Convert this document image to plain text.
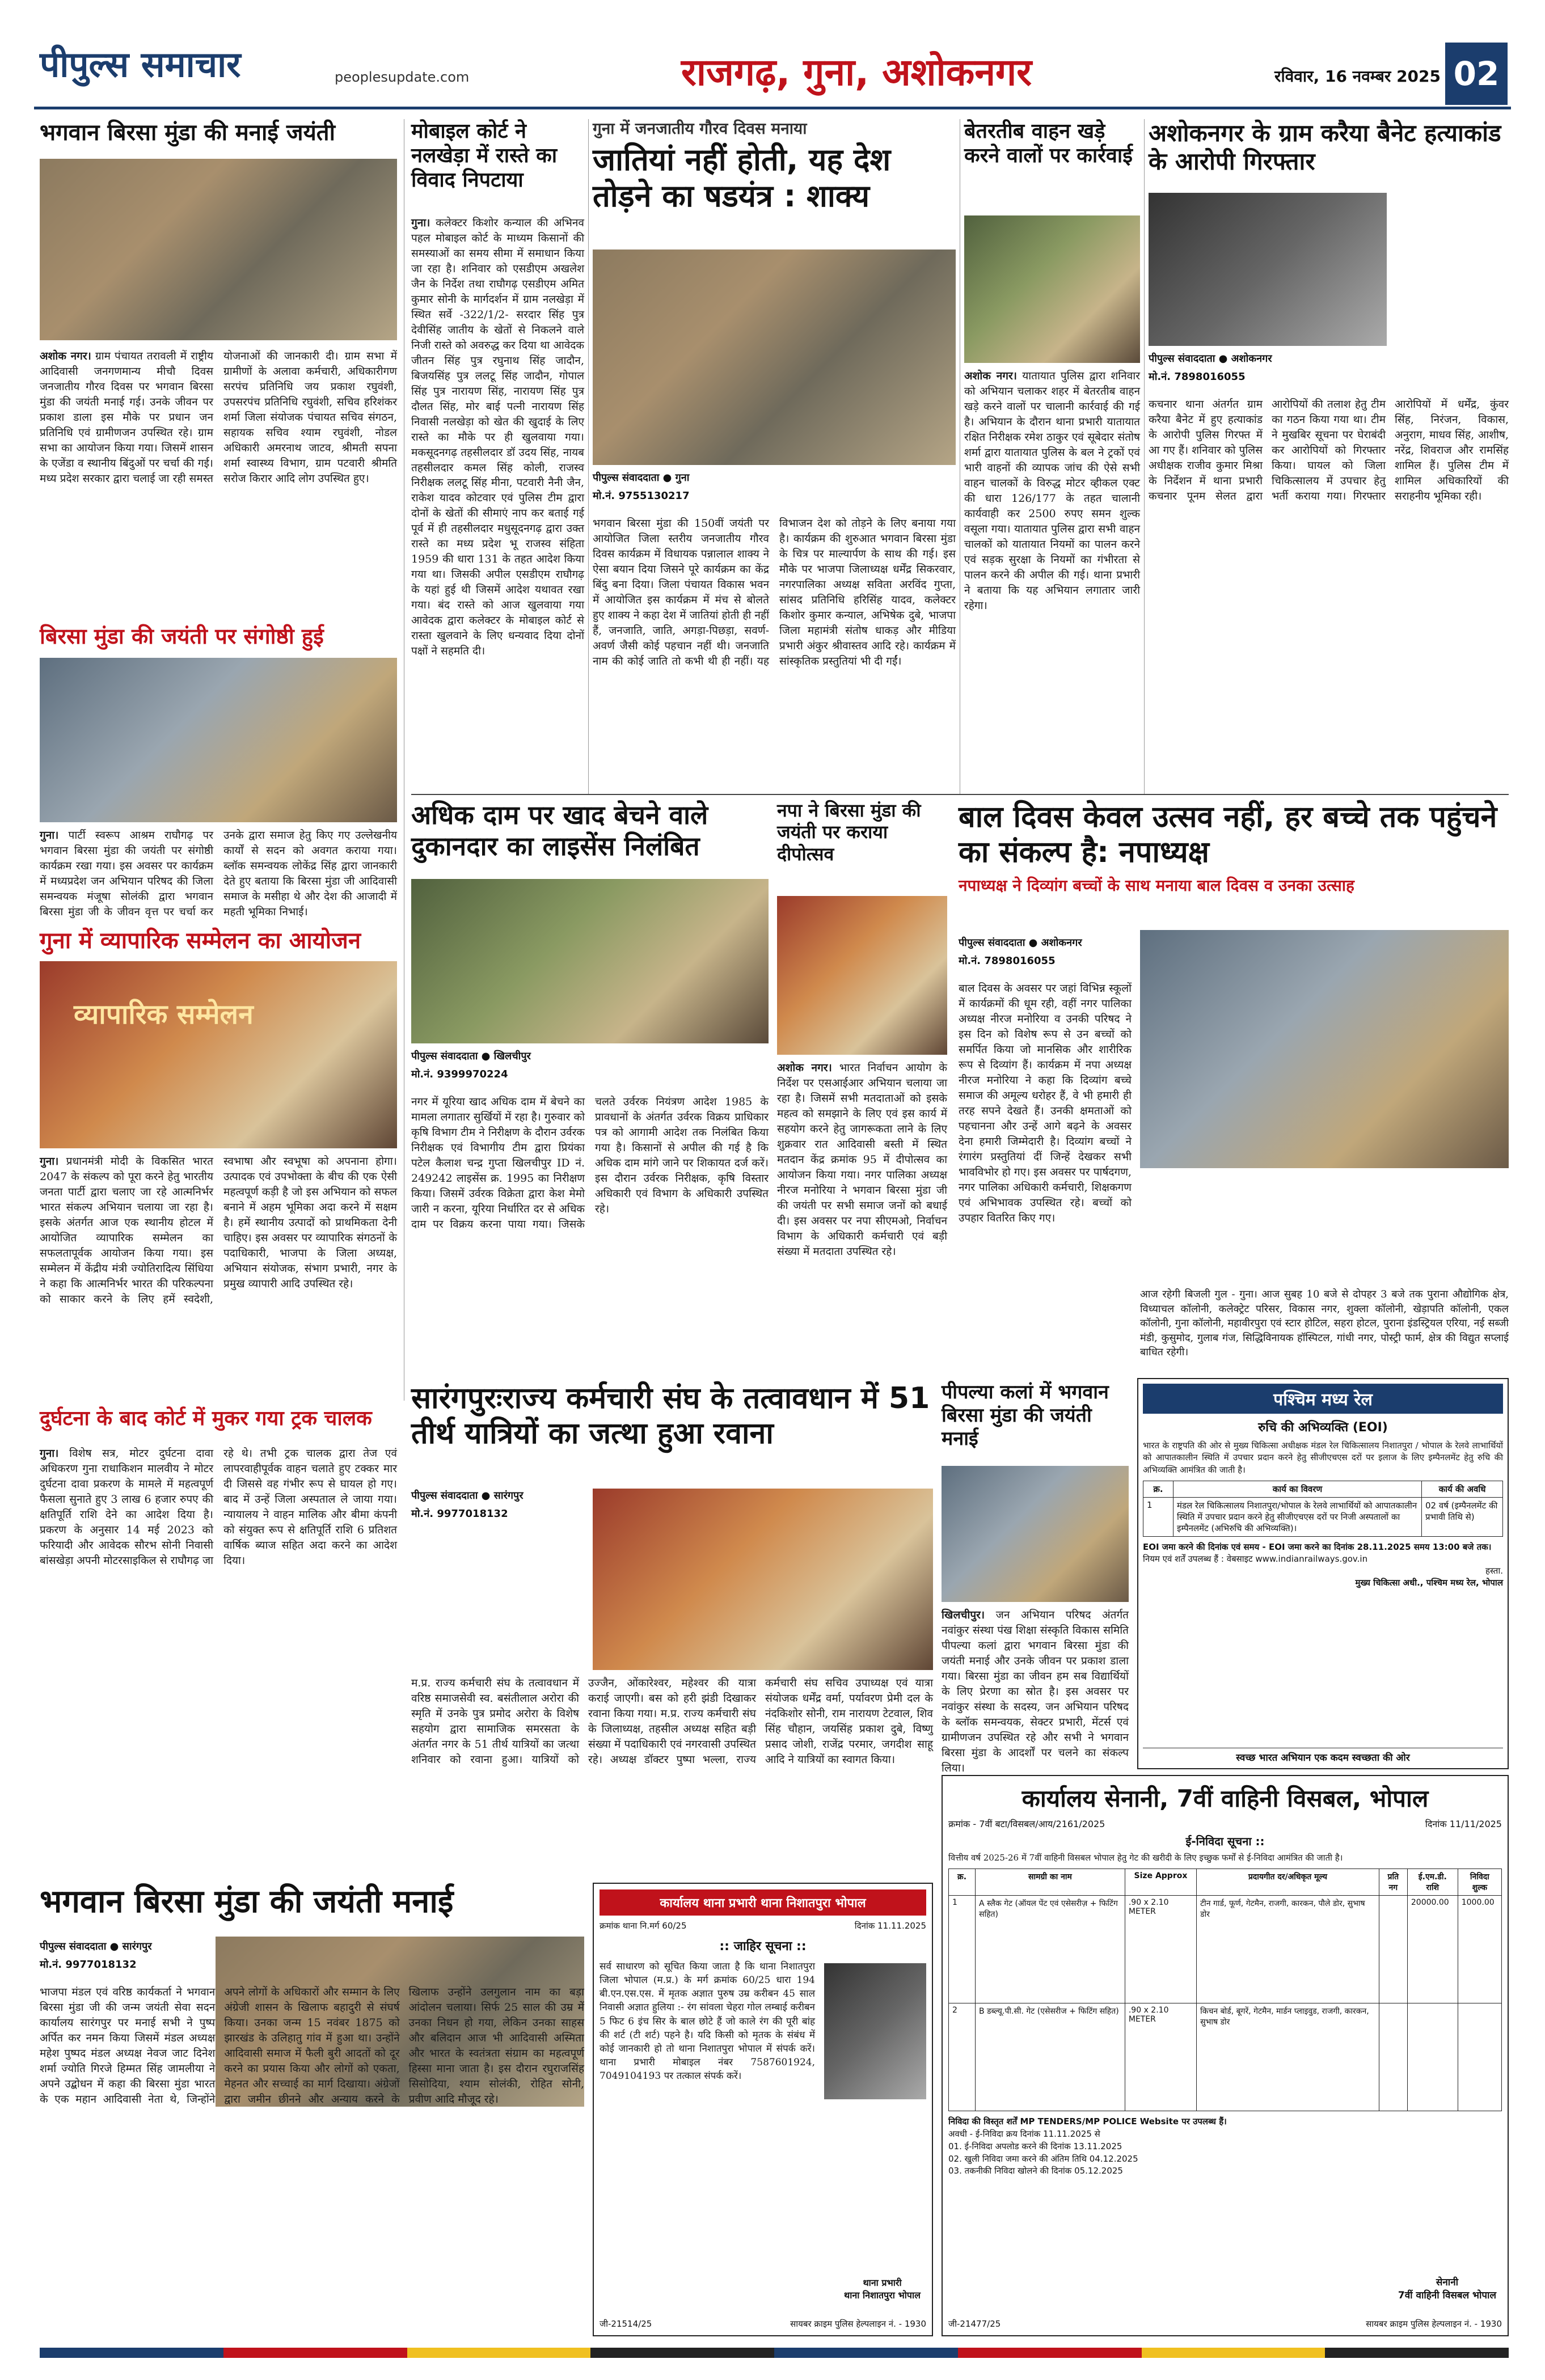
पीपुल्स समाचार	peoplesupdate.com	राजगढ़, गुना, अशोकनगर	रविवार, 16 नवम्बर 2025 02
भगवान बिरसा मुंडा की मनाई जयंती
अशोक नगर। ग्राम पंचायत तरावली में राष्ट्रीय आदिवासी जनगणमान्य मीचौ दिवस जनजातीय गौरव दिवस पर भगवान बिरसा मुंडा की जयंती मनाई गई। उनके जीवन पर प्रकाश डाला इस मौके पर प्रधान जन प्रतिनिधि एवं ग्रामीणजन उपस्थित रहे। ग्राम सभा का आयोजन किया गया। जिसमें शासन के एजेंडा व स्थानीय बिंदुओं पर चर्चा की गई। मध्य प्रदेश सरकार द्वारा चलाई जा रही समस्त योजनाओं की जानकारी दी। ग्राम सभा में ग्रामीणों के अलावा कर्मचारी, अधिकारीगण सरपंच प्रतिनिधि जय प्रकाश रघुवंशी, उपसरपंच प्रतिनिधि रघुवंशी, सचिव हरिशंकर शर्मा जिला संयोजक पंचायत सचिव संगठन, सहायक सचिव श्याम रघुवंशी, नोडल अधिकारी अमरनाथ जाटव, श्रीमती सपना शर्मा स्वास्थ्य विभाग, ग्राम पटवारी श्रीमति सरोज किरार आदि लोग उपस्थित हुए।
बिरसा मुंडा की जयंती पर संगोष्ठी हुई
गुना। पार्टी स्वरूप आश्रम राघौगढ़ पर भगवान बिरसा मुंडा की जयंती पर संगोष्ठी कार्यक्रम रखा गया। इस अवसर पर कार्यक्रम में मध्यप्रदेश जन अभियान परिषद की जिला समन्वयक मंजूषा सोलंकी द्वारा भगवान बिरसा मुंडा जी के जीवन वृत्त पर चर्चा कर उनके द्वारा समाज हेतु किए गए उल्लेखनीय कार्यों से सदन को अवगत कराया गया। ब्लॉक समन्वयक लोकेंद्र सिंह द्वारा जानकारी देते हुए बताया कि बिरसा मुंडा जी आदिवासी समाज के मसीहा थे और देश की आजादी में महती भूमिका निभाई।
गुना में व्यापारिक सम्मेलन का आयोजन
व्यापारिक सम्मेलन
गुना। प्रधानमंत्री मोदी के विकसित भारत 2047 के संकल्प को पूरा करने हेतु भारतीय जनता पार्टी द्वारा चलाए जा रहे आत्मनिर्भर भारत संकल्प अभियान चलाया जा रहा है। इसके अंतर्गत आज एक स्थानीय होटल में आयोजित व्यापारिक सम्मेलन का सफलतापूर्वक आयोजन किया गया। इस सम्मेलन में केंद्रीय मंत्री ज्योतिरादित्य सिंधिया ने कहा कि आत्मनिर्भर भारत की परिकल्पना को साकार करने के लिए हमें स्वदेशी, स्वभाषा और स्वभूषा को अपनाना होगा। उत्पादक एवं उपभोक्ता के बीच की एक ऐसी महत्वपूर्ण कड़ी है जो इस अभियान को सफल बनाने में अहम भूमिका अदा करने में सक्षम है। हमें स्थानीय उत्पादों को प्राथमिकता देनी चाहिए। इस अवसर पर व्यापारिक संगठनों के पदाधिकारी, भाजपा के जिला अध्यक्ष, अभियान संयोजक, संभाग प्रभारी, नगर के प्रमुख व्यापारी आदि उपस्थित रहे।
मोबाइल कोर्ट ने नलखेड़ा में रास्ते का विवाद निपटाया
गुना। कलेक्टर किशोर कन्याल की अभिनव पहल मोबाइल कोर्ट के माध्यम किसानों की समस्याओं का समय सीमा में समाधान किया जा रहा है। शनिवार को एसडीएम अखलेश जैन के निर्देश तथा राघौगढ़ एसडीएम अमित कुमार सोनी के मार्गदर्शन में ग्राम नलखेड़ा में स्थित सर्वे -322/1/2- सरदार सिंह पुत्र देवीसिंह जातीय के खेतों से निकलने वाले निजी रास्ते को अवरुद्ध कर दिया था आवेदक जीतन सिंह पुत्र रघुनाथ सिंह जादौन, बिजयसिंह पुत्र ललटू सिंह जादौन, गोपाल सिंह पुत्र नारायण सिंह, नारायण सिंह पुत्र दौलत सिंह, मोर बाई पत्नी नारायण सिंह निवासी नलखेड़ा को खेत की खुदाई के लिए रास्ते का मौके पर ही खुलवाया गया। मकसूदनगढ़ तहसीलदार डॉ उदय सिंह, नायब तहसीलदार कमल सिंह कोली, राजस्व निरीक्षक ललटू सिंह मीना, पटवारी नैनी जैन, राकेश यादव कोटवार एवं पुलिस टीम द्वारा दोनों के खेतों की सीमाएं नाप कर बताई गई पूर्व में ही तहसीलदार मधुसूदनगढ़ द्वारा उक्त रास्ते का मध्य प्रदेश भू राजस्व संहिता 1959 की धारा 131 के तहत आदेश किया गया था। जिसकी अपील एसडीएम राघौगढ़ के यहां हुई थी जिसमें आदेश यथावत रखा गया। बंद रास्ते को आज खुलवाया गया आवेदक द्वारा कलेक्टर के मोबाइल कोर्ट से रास्ता खुलवाने के लिए धन्यवाद दिया दोनों पक्षों ने सहमति दी।
गुना में जनजातीय गौरव दिवस मनाया
जातियां नहीं होती, यह देश तोड़ने का षडयंत्र : शाक्य
पीपुल्स संवाददाता ● गुना
मो.नं. 9755130217
भगवान बिरसा मुंडा की 150वीं जयंती पर आयोजित जिला स्तरीय जनजातीय गौरव दिवस कार्यक्रम में विधायक पन्नालाल शाक्य ने ऐसा बयान दिया जिसने पूरे कार्यक्रम का केंद्र बिंदु बना दिया। जिला पंचायत विकास भवन में आयोजित इस कार्यक्रम में मंच से बोलते हुए शाक्य ने कहा देश में जातियां होती ही नहीं हैं, जनजाति, जाति, अगड़ा-पिछड़ा, सवर्ण-अवर्ण जैसी कोई पहचान नहीं थी। जनजाति नाम की कोई जाति तो कभी थी ही नहीं। यह विभाजन देश को तोड़ने के लिए बनाया गया है। कार्यक्रम की शुरुआत भगवान बिरसा मुंडा के चित्र पर माल्यार्पण के साथ की गई। इस मौके पर भाजपा जिलाध्यक्ष धर्मेंद्र सिकरवार, नगरपालिका अध्यक्ष सविता अरविंद गुप्ता, सांसद प्रतिनिधि हरिसिंह यादव, कलेक्टर किशोर कुमार कन्याल, अभिषेक दुबे, भाजपा जिला महामंत्री संतोष धाकड़ और मीडिया प्रभारी अंकुर श्रीवास्तव आदि रहे। कार्यक्रम में सांस्कृतिक प्रस्तुतियां भी दी गईं।
बेतरतीब वाहन खड़े करने वालों पर कार्रवाई
अशोक नगर। यातायात पुलिस द्वारा शनिवार को अभियान चलाकर शहर में बेतरतीब वाहन खड़े करने वालों पर चालानी कार्रवाई की गई है। अभियान के दौरान थाना प्रभारी यातायात रक्षित निरीक्षक रमेश ठाकुर एवं सूबेदार संतोष शर्मा द्वारा यातायात पुलिस के बल ने ट्रकों एवं भारी वाहनों की व्यापक जांच की ऐसे सभी वाहन चालकों के विरुद्ध मोटर व्हीकल एक्ट की धारा 126/177 के तहत चालानी कार्यवाही कर 2500 रुपए समन शुल्क वसूला गया। यातायात पुलिस द्वारा सभी वाहन चालकों को यातायात नियमों का पालन करने एवं सड़क सुरक्षा के नियमों का गंभीरता से पालन करने की अपील की गई। थाना प्रभारी ने बताया कि यह अभियान लगातार जारी रहेगा।
अशोकनगर के ग्राम करैया बैनेट हत्याकांड के आरोपी गिरफ्तार
पीपुल्स संवाददाता ● अशोकनगर
मो.नं. 7898016055
कचनार थाना अंतर्गत ग्राम करैया बैनेट में हुए हत्याकांड के आरोपी पुलिस गिरफ्त में आ गए हैं। शनिवार को पुलिस अधीक्षक राजीव कुमार मिश्रा के निर्देशन में थाना प्रभारी कचनार पूनम सेलत द्वारा आरोपियों की तलाश हेतु टीम का गठन किया गया था। टीम ने मुखबिर सूचना पर घेराबंदी कर आरोपियों को गिरफ्तार किया। घायल को जिला चिकित्सालय में उपचार हेतु भर्ती कराया गया। गिरफ्तार आरोपियों में धर्मेंद्र, कुंवर सिंह, निरंजन, विकास, अनुराग, माधव सिंह, आशीष, नरेंद्र, शिवराज और रामसिंह शामिल हैं। पुलिस टीम में शामिल अधिकारियों की सराहनीय भूमिका रही।
अधिक दाम पर खाद बेचने वाले दुकानदार का लाइसेंस निलंबित
पीपुल्स संवाददाता ● खिलचीपुर
मो.नं. 9399970224
नगर में यूरिया खाद अधिक दाम में बेचने का मामला लगातार सुर्खियों में रहा है। गुरुवार को कृषि विभाग टीम ने निरीक्षण के दौरान उर्वरक निरीक्षक एवं विभागीय टीम द्वारा प्रियंका पटेल कैलाश चन्द्र गुप्ता खिलचीपुर ID नं. 249242 लाइसेंस क्र. 1995 का निरीक्षण किया। जिसमें उर्वरक विक्रेता द्वारा केश मेमो जारी न करना, यूरिया निर्धारित दर से अधिक दाम पर विक्रय करना पाया गया। जिसके चलते उर्वरक नियंत्रण आदेश 1985 के प्रावधानों के अंतर्गत उर्वरक विक्रय प्राधिकार पत्र को आगामी आदेश तक निलंबित किया गया है। किसानों से अपील की गई है कि अधिक दाम मांगे जाने पर शिकायत दर्ज करें। इस दौरान उर्वरक निरीक्षक, कृषि विस्तार अधिकारी एवं विभाग के अधिकारी उपस्थित रहे।
नपा ने बिरसा मुंडा की जयंती पर कराया दीपोत्सव
अशोक नगर। भारत निर्वाचन आयोग के निर्देश पर एसआईआर अभियान चलाया जा रहा है। जिसमें सभी मतदाताओं को इसके महत्व को समझाने के लिए एवं इस कार्य में सहयोग करने हेतु जागरूकता लाने के लिए शुक्रवार रात आदिवासी बस्ती में स्थित मतदान केंद्र क्रमांक 95 में दीपोत्सव का आयोजन किया गया। नगर पालिका अध्यक्ष नीरज मनोरिया ने भगवान बिरसा मुंडा जी की जयंती पर सभी समाज जनों को बधाई दी। इस अवसर पर नपा सीएमओ, निर्वाचन विभाग के अधिकारी कर्मचारी एवं बड़ी संख्या में मतदाता उपस्थित रहे।
बाल दिवस केवल उत्सव नहीं, हर बच्चे तक पहुंचने का संकल्प है: नपाध्यक्ष
नपाध्यक्ष ने दिव्यांग बच्चों के साथ मनाया बाल दिवस व उनका उत्साह
पीपुल्स संवाददाता ● अशोकनगर
मो.नं. 7898016055
बाल दिवस के अवसर पर जहां विभिन्न स्कूलों में कार्यक्रमों की धूम रही, वहीं नगर पालिका अध्यक्ष नीरज मनोरिया व उनकी परिषद ने इस दिन को विशेष रूप से उन बच्चों को समर्पित किया जो मानसिक और शारीरिक रूप से दिव्यांग हैं। कार्यक्रम में नपा अध्यक्ष नीरज मनोरिया ने कहा कि दिव्यांग बच्चे समाज की अमूल्य धरोहर हैं, वे भी हमारी ही तरह सपने देखते हैं। उनकी क्षमताओं को पहचानना और उन्हें आगे बढ़ने के अवसर देना हमारी जिम्मेदारी है। दिव्यांग बच्चों ने रंगारंग प्रस्तुतियां दीं जिन्हें देखकर सभी भावविभोर हो गए। इस अवसर पर पार्षदगण, नगर पालिका अधिकारी कर्मचारी, शिक्षकगण एवं अभिभावक उपस्थित रहे। बच्चों को उपहार वितरित किए गए।
आज रहेगी बिजली गुल - गुना। आज सुबह 10 बजे से दोपहर 3 बजे तक पुराना औद्योगिक क्षेत्र, विध्याचल कॉलोनी, कलेक्ट्रेट परिसर, विकास नगर, शुक्ला कॉलोनी, खेड़ापति कॉलोनी, एकल कॉलोनी, गुना कॉलोनी, महावीरपुरा एवं स्टार होटिल, सहरा होटल, पुराना इंडस्ट्रियल एरिया, नई सब्जी मंडी, कुसुमोद, गुलाब गंज, सिद्धिविनायक हॉस्पिटल, गांधी नगर, पोस्ट्री फार्म, क्षेत्र की विद्युत सप्लाई बाधित रहेगी।
दुर्घटना के बाद कोर्ट में मुकर गया ट्रक चालक
गुना। विशेष सत्र, मोटर दुर्घटना दावा अधिकरण गुना राधाकिशन मालवीय ने मोटर दुर्घटना दावा प्रकरण के मामले में महत्वपूर्ण फैसला सुनाते हुए 3 लाख 6 हजार रुपए की क्षतिपूर्ति राशि देने का आदेश दिया है। प्रकरण के अनुसार 14 मई 2023 को फरियादी और आवेदक सौरभ सोनी निवासी बांसखेड़ा अपनी मोटरसाइकिल से राघौगढ़ जा रहे थे। तभी ट्रक चालक द्वारा तेज एवं लापरवाहीपूर्वक वाहन चलाते हुए टक्कर मार दी जिससे वह गंभीर रूप से घायल हो गए। बाद में उन्हें जिला अस्पताल ले जाया गया। न्यायालय ने वाहन मालिक और बीमा कंपनी को संयुक्त रूप से क्षतिपूर्ति राशि 6 प्रतिशत वार्षिक ब्याज सहित अदा करने का आदेश दिया।
सारंगपुरःराज्य कर्मचारी संघ के तत्वावधान में 51 तीर्थ यात्रियों का जत्था हुआ रवाना
पीपुल्स संवाददाता ● सारंगपुर
मो.नं. 9977018132
म.प्र. राज्य कर्मचारी संघ के तत्वावधान में वरिष्ठ समाजसेवी स्व. बसंतीलाल अरोरा की स्मृति में उनके पुत्र प्रमोद अरोरा के विशेष सहयोग द्वारा सामाजिक समरसता के अंतर्गत नगर के 51 तीर्थ यात्रियों का जत्था शनिवार को रवाना हुआ। यात्रियों को उज्जैन, ओंकारेश्वर, महेश्वर की यात्रा कराई जाएगी। बस को हरी झंडी दिखाकर रवाना किया गया। म.प्र. राज्य कर्मचारी संघ के जिलाध्यक्ष, तहसील अध्यक्ष सहित बड़ी संख्या में पदाधिकारी एवं नगरवासी उपस्थित रहे। अध्यक्ष डॉक्टर पुष्पा भल्ला, राज्य कर्मचारी संघ सचिव उपाध्यक्ष एवं यात्रा संयोजक धर्मेंद्र वर्मा, पर्यावरण प्रेमी दल के नंदकिशोर सोनी, राम नारायण टेटवाल, शिव सिंह चौहान, जयसिंह प्रकाश दुबे, विष्णु प्रसाद जोशी, राजेंद्र परमार, जगदीश साहू आदि ने यात्रियों का स्वागत किया।
पीपल्या कलां में भगवान बिरसा मुंडा की जयंती मनाई
खिलचीपुर। जन अभियान परिषद अंतर्गत नवांकुर संस्था पंख शिक्षा संस्कृति विकास समिति पीपल्या कलां द्वारा भगवान बिरसा मुंडा की जयंती मनाई और उनके जीवन पर प्रकाश डाला गया। बिरसा मुंडा का जीवन हम सब विद्यार्थियों के लिए प्रेरणा का स्रोत है। इस अवसर पर नवांकुर संस्था के सदस्य, जन अभियान परिषद के ब्लॉक समन्वयक, सेक्टर प्रभारी, मेंटर्स एवं ग्रामीणजन उपस्थित रहे और सभी ने भगवान बिरसा मुंडा के आदर्शों पर चलने का संकल्प लिया।
पश्चिम मध्य रेल
रुचि की अभिव्यक्ति (EOI)
भारत के राष्ट्रपति की ओर से मुख्य चिकित्सा अधीक्षक मंडल रेल चिकित्सालय निशातपुरा / भोपाल के रेलवे लाभार्थियों को आपातकालीन स्थिति में उपचार प्रदान करने हेतु सीजीएचएस दरों पर इलाज के लिए इम्पैनलमेंट हेतु रुचि की अभिव्यक्ति आमंत्रित की जाती है।
क्र.	कार्य का विवरण	कार्य की अवधि
1	मंडल रेल चिकित्सालय निशातपुरा/भोपाल के रेलवे लाभार्थियों को आपातकालीन स्थिति में उपचार प्रदान करने हेतु सीजीएचएस दरों पर निजी अस्पतालों का इम्पैनलमेंट (अभिरुचि की अभिव्यक्ति)।	02 वर्ष (इम्पैनलमेंट की प्रभावी तिथि से)
EOI जमा करने की दिनांक एवं समय - EOI जमा करने का दिनांक 28.11.2025 समय 13:00 बजे तक।
नियम एवं शर्तें उपलब्ध हैं : वेबसाइट www.indianrailways.gov.in
हस्ता.
मुख्य चिकित्सा अधी., पश्चिम मध्य रेल, भोपाल
स्वच्छ भारत अभियान एक कदम स्वच्छता की ओर
कार्यालय सेनानी, 7वीं वाहिनी विसबल, भोपाल
क्रमांक - 7वीं बटा/विसबल/आय/2161/2025	दिनांक 11/11/2025
ई-निविदा सूचना ::
वित्तीय वर्ष 2025-26 में 7वीं वाहिनी विसबल भोपाल हेतु गेट की खरीदी के लिए इच्छुक फर्मों से ई-निविदा आमंत्रित की जाती है।
क्र.	सामग्री का नाम	Size Approx	प्रदायगीत दर/अधिकृत मूल्य	प्रति नग	ई.एम.डी. राशि	निविदा शुल्क
1	A स्लैक गेट (ऑयल पेंट एवं एसेसरीज़ + फिटिंग सहित)	.90 x 2.10 METER	टीन गार्ड, फूर्ण, गेटमैन, राजगी, कारकन, पौले डोर, सुभाष डोर		20000.00	1000.00
2	B डब्ल्यू.पी.सी. गेट (एसेसरीज + फिटिंग सहित)	.90 x 2.10 METER	किचन बोर्ड, बूगरें, गेटमैन, मार्डन प्लाइवुड, राजगी, कारकन, सुभाष डोर			
निविदा की विस्तृत शर्तें MP TENDERS/MP POLICE Website पर उपलब्ध हैं।
अवधी - ई-निविदा क्रय दिनांक 11.11.2025 से
01. ई-निविदा अपलोड करने की दिनांक 13.11.2025
02. खुली निविदा जमा करने की अंतिम तिथि 04.12.2025
03. तकनीकी निविदा खोलने की दिनांक 05.12.2025
सेनानी
7वीं वाहिनी विसबल भोपाल
जी-21477/25	सायबर क्राइम पुलिस हेल्पलाइन नं. - 1930
भगवान बिरसा मुंडा की जयंती मनाई
पीपुल्स संवाददाता ● सारंगपुर
मो.नं. 9977018132
भाजपा मंडल एवं वरिष्ठ कार्यकर्ता ने भगवान बिरसा मुंडा जी की जन्म जयंती सेवा सदन कार्यालय सारंगपुर पर मनाई सभी ने पुष्प अर्पित कर नमन किया जिसमें मंडल अध्यक्ष महेश पुष्पद मंडल अध्यक्ष नेवज जाट दिनेश शर्मा ज्योति गिरजे हिम्मत सिंह जामलीया ने अपने उद्बोधन में कहा की बिरसा मुंडा भारत के एक महान आदिवासी नेता थे, जिन्होंने अपने लोगों के अधिकारों और सम्मान के लिए अंग्रेजी शासन के खिलाफ बहादुरी से संघर्ष किया। उनका जन्म 15 नवंबर 1875 को झारखंड के उलिहातु गांव में हुआ था। उन्होंने आदिवासी समाज में फैली बुरी आदतों को दूर करने का प्रयास किया और लोगों को एकता, मेहनत और सच्चाई का मार्ग दिखाया। अंग्रेजों द्वारा जमीन छीनने और अन्याय करने के खिलाफ उन्होंने उलगुलान नाम का बड़ा आंदोलन चलाया। सिर्फ 25 साल की उम्र में उनका निधन हो गया, लेकिन उनका साहस और बलिदान आज भी आदिवासी अस्मिता और भारत के स्वतंत्रता संग्राम का महत्वपूर्ण हिस्सा माना जाता है। इस दौरान रघुराजसिंह सिसोदिया, श्याम सोलंकी, रोहित सोनी, प्रवीण आदि मौजूद रहे।
कार्यालय थाना प्रभारी थाना निशातपुरा भोपाल
क्रमांक थाना नि.मर्ग 60/25	दिनांक 11.11.2025
:: जाहिर सूचना ::
सर्व साधारण को सूचित किया जाता है कि थाना निशातपुरा जिला भोपाल (म.प्र.) के मर्ग क्रमांक 60/25 धारा 194 बी.एन.एस.एस. में मृतक अज्ञात पुरुष उम्र करीबन 45 साल निवासी अज्ञात हुलिया :- रंग सांवला चेहरा गोल लम्बाई करीबन 5 फिट 6 इंच सिर के बाल छोटे हैं जो काले रंग की पूरी बांह की शर्ट (टी शर्ट) पहने है। यदि किसी को मृतक के संबंध में कोई जानकारी हो तो थाना निशातपुरा भोपाल में संपर्क करें। थाना प्रभारी मोबाइल नंबर 7587601924, 7049104193 पर तत्काल संपर्क करें।
थाना प्रभारी
थाना निशातपुरा भोपाल
जी-21514/25	सायबर क्राइम पुलिस हेल्पलाइन नं. - 1930
